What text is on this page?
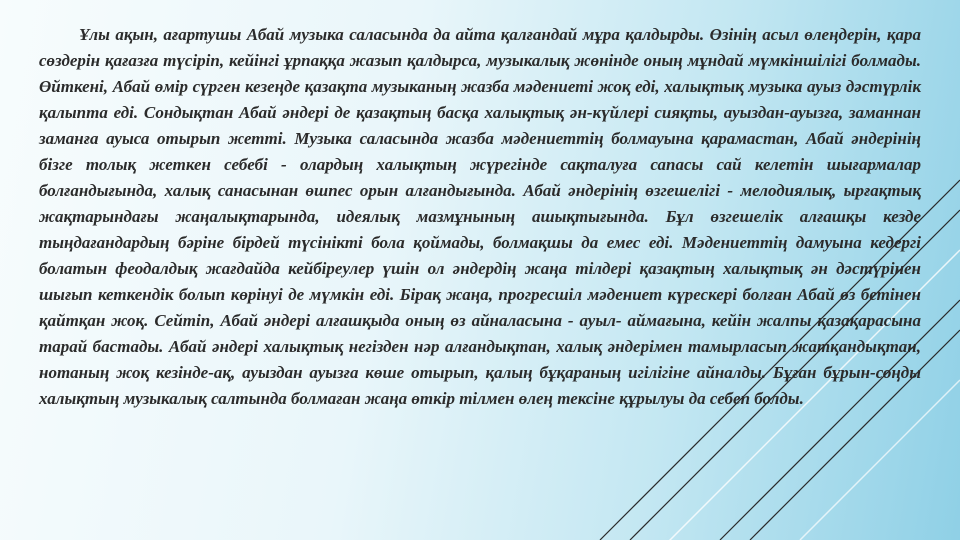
Ұлы ақын, ағартушы Абай музыка саласында да айта қалғандай мұра қалдырды. Өзінің асыл өлеңдерін, қара сөздерін қағазға түсіріп, кейінгі ұрпаққа жазып қалдырса, музыкалық жөнінде оның мұндай мүмкіншілігі болмады. Өйткені, Абай өмір сүрген кезеңде қазақта музыканың жазба мәдениеті жоқ еді, халықтық музыка ауыз дәстүрлік қалыпта еді. Сондықтан Абай әндері де қазақтың басқа халықтық ән-күйлері сияқты, ауыздан-ауызға, заманнан заманға ауыса отырып жетті. Музыка саласында жазба мәдениеттің болмауына қарамастан, Абай әндерінің бізге толық жеткен себебі - олардың халықтың жүрегінде сақталуға сапасы сай келетін шығармалар болғандығында, халық санасынан өшпес орын алғандығында. Абай әндерінің өзгешелігі - мелодиялық, ырғақтық жақтарындағы жаңалықтарында, идеялық мазмұнының ашықтығында. Бұл өзгешелік алғашқы кезде тыңдағандардың бәріне бірдей түсінікті бола қоймады, болмақшы да емес еді. Мәдениеттің дамуына кедергі болатын феодалдық жағдайда кейбіреулер үшін ол әндердің жаңа тілдері қазақтың халықтық ән дәстүрінен шығып кеткендік болып көрінуі де мүмкін еді. Бірақ жаңа, прогресшіл мәдениет күрескері болған Абай өз бетінен қайтқан жоқ. Сейтіп, Абай әндері алғашқыда оның өз айналасына - ауыл- аймағына, кейін жалпы қазақарасына тарай бастады. Абай әндері халықтық негізден нәр алғандықтан, халық әндерімен тамырласып жатқандықтан, нотаның жоқ кезінде-ақ, ауыздан ауызға көше отырып, қалың бұқараның игілігіне айналды. Бұған бұрын-соңды халықтың музыкалық салтында болмаған жаңа өткір тілмен өлең тексіне құрылуы да себеп болды.
